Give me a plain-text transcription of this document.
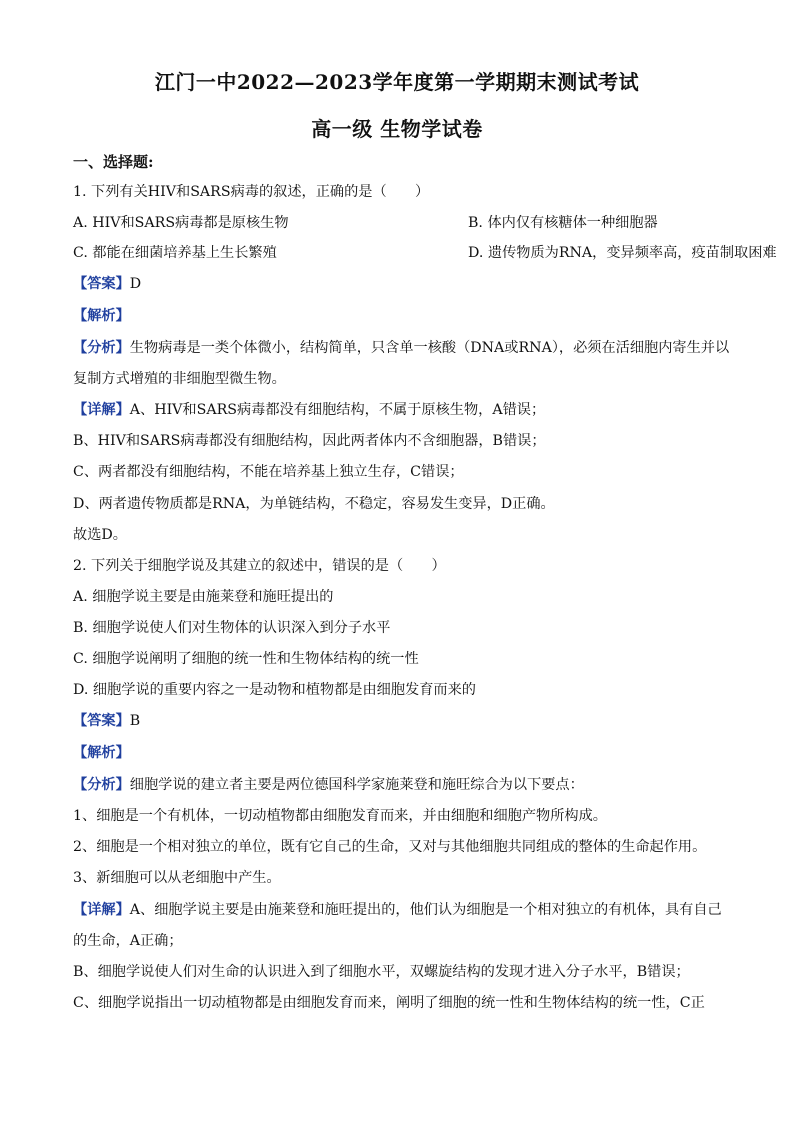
江门一中2022—2023学年度第一学期期末测试考试
高一级 生物学试卷
一、选择题:
1. 下列有关HIV和SARS病毒的叙述，正确的是（　　）
A. HIV和SARS病毒都是原核生物	B. 体内仅有核糖体一种细胞器
C. 都能在细菌培养基上生长繁殖	D. 遗传物质为RNA，变异频率高，疫苗制取困难
【答案】D
【解析】
【分析】生物病毒是一类个体微小，结构简单，只含单一核酸（DNA或RNA），必须在活细胞内寄生并以
复制方式增殖的非细胞型微生物。
【详解】A、HIV和SARS病毒都没有细胞结构，不属于原核生物，A错误；
B、HIV和SARS病毒都没有细胞结构，因此两者体内不含细胞器，B错误；
C、两者都没有细胞结构，不能在培养基上独立生存，C错误；
D、两者遗传物质都是RNA，为单链结构，不稳定，容易发生变异，D正确。
故选D。
2. 下列关于细胞学说及其建立的叙述中，错误的是（　　）
A. 细胞学说主要是由施莱登和施旺提出的
B. 细胞学说使人们对生物体的认识深入到分子水平
C. 细胞学说阐明了细胞的统一性和生物体结构的统一性
D. 细胞学说的重要内容之一是动物和植物都是由细胞发育而来的
【答案】B
【解析】
【分析】细胞学说的建立者主要是两位德国科学家施莱登和施旺综合为以下要点：
1、细胞是一个有机体，一切动植物都由细胞发育而来，并由细胞和细胞产物所构成。
2、细胞是一个相对独立的单位，既有它自己的生命，又对与其他细胞共同组成的整体的生命起作用。
3、新细胞可以从老细胞中产生。
【详解】A、细胞学说主要是由施莱登和施旺提出的，他们认为细胞是一个相对独立的有机体，具有自己
的生命，A正确；
B、细胞学说使人们对生命的认识进入到了细胞水平，双螺旋结构的发现才进入分子水平，B错误；
C、细胞学说指出一切动植物都是由细胞发育而来，阐明了细胞的统一性和生物体结构的统一性，C正
